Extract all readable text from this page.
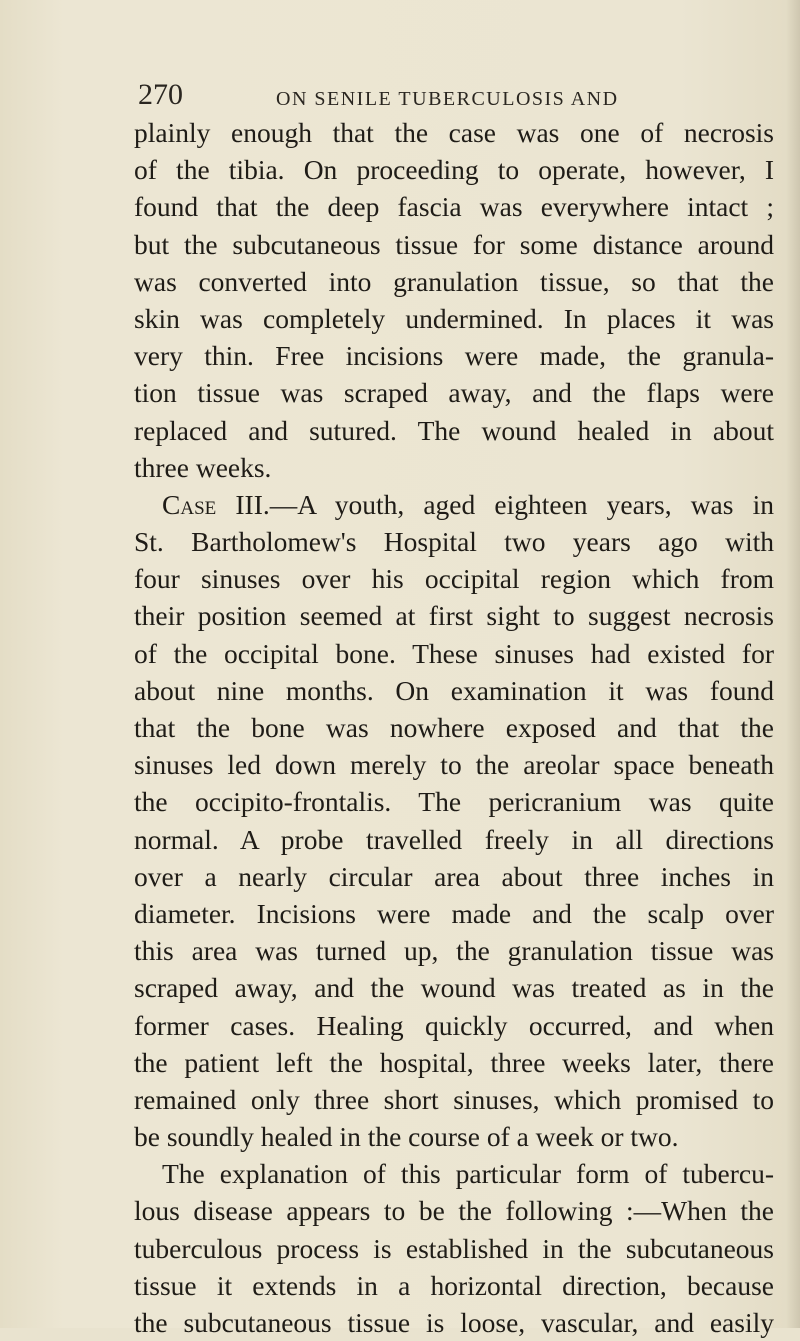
270	ON SENILE TUBERCULOSIS AND
plainly enough that the case was one of necrosis
of the tibia. On proceeding to operate, however, I
found that the deep fascia was everywhere intact ;
but the subcutaneous tissue for some distance around
was converted into granulation tissue, so that the
skin was completely undermined. In places it was
very thin. Free incisions were made, the granula-
tion tissue was scraped away, and the flaps were
replaced and sutured. The wound healed in about
three weeks.
Case III.—A youth, aged eighteen years, was in
St. Bartholomew's Hospital two years ago with
four sinuses over his occipital region which from
their position seemed at first sight to suggest necrosis
of the occipital bone. These sinuses had existed for
about nine months. On examination it was found
that the bone was nowhere exposed and that the
sinuses led down merely to the areolar space beneath
the occipito-frontalis. The pericranium was quite
normal. A probe travelled freely in all directions
over a nearly circular area about three inches in
diameter. Incisions were made and the scalp over
this area was turned up, the granulation tissue was
scraped away, and the wound was treated as in the
former cases. Healing quickly occurred, and when
the patient left the hospital, three weeks later, there
remained only three short sinuses, which promised to
be soundly healed in the course of a week or two.
The explanation of this particular form of tubercu-
lous disease appears to be the following :—When the
tuberculous process is established in the subcutaneous
tissue it extends in a horizontal direction, because
the subcutaneous tissue is loose, vascular, and easily
